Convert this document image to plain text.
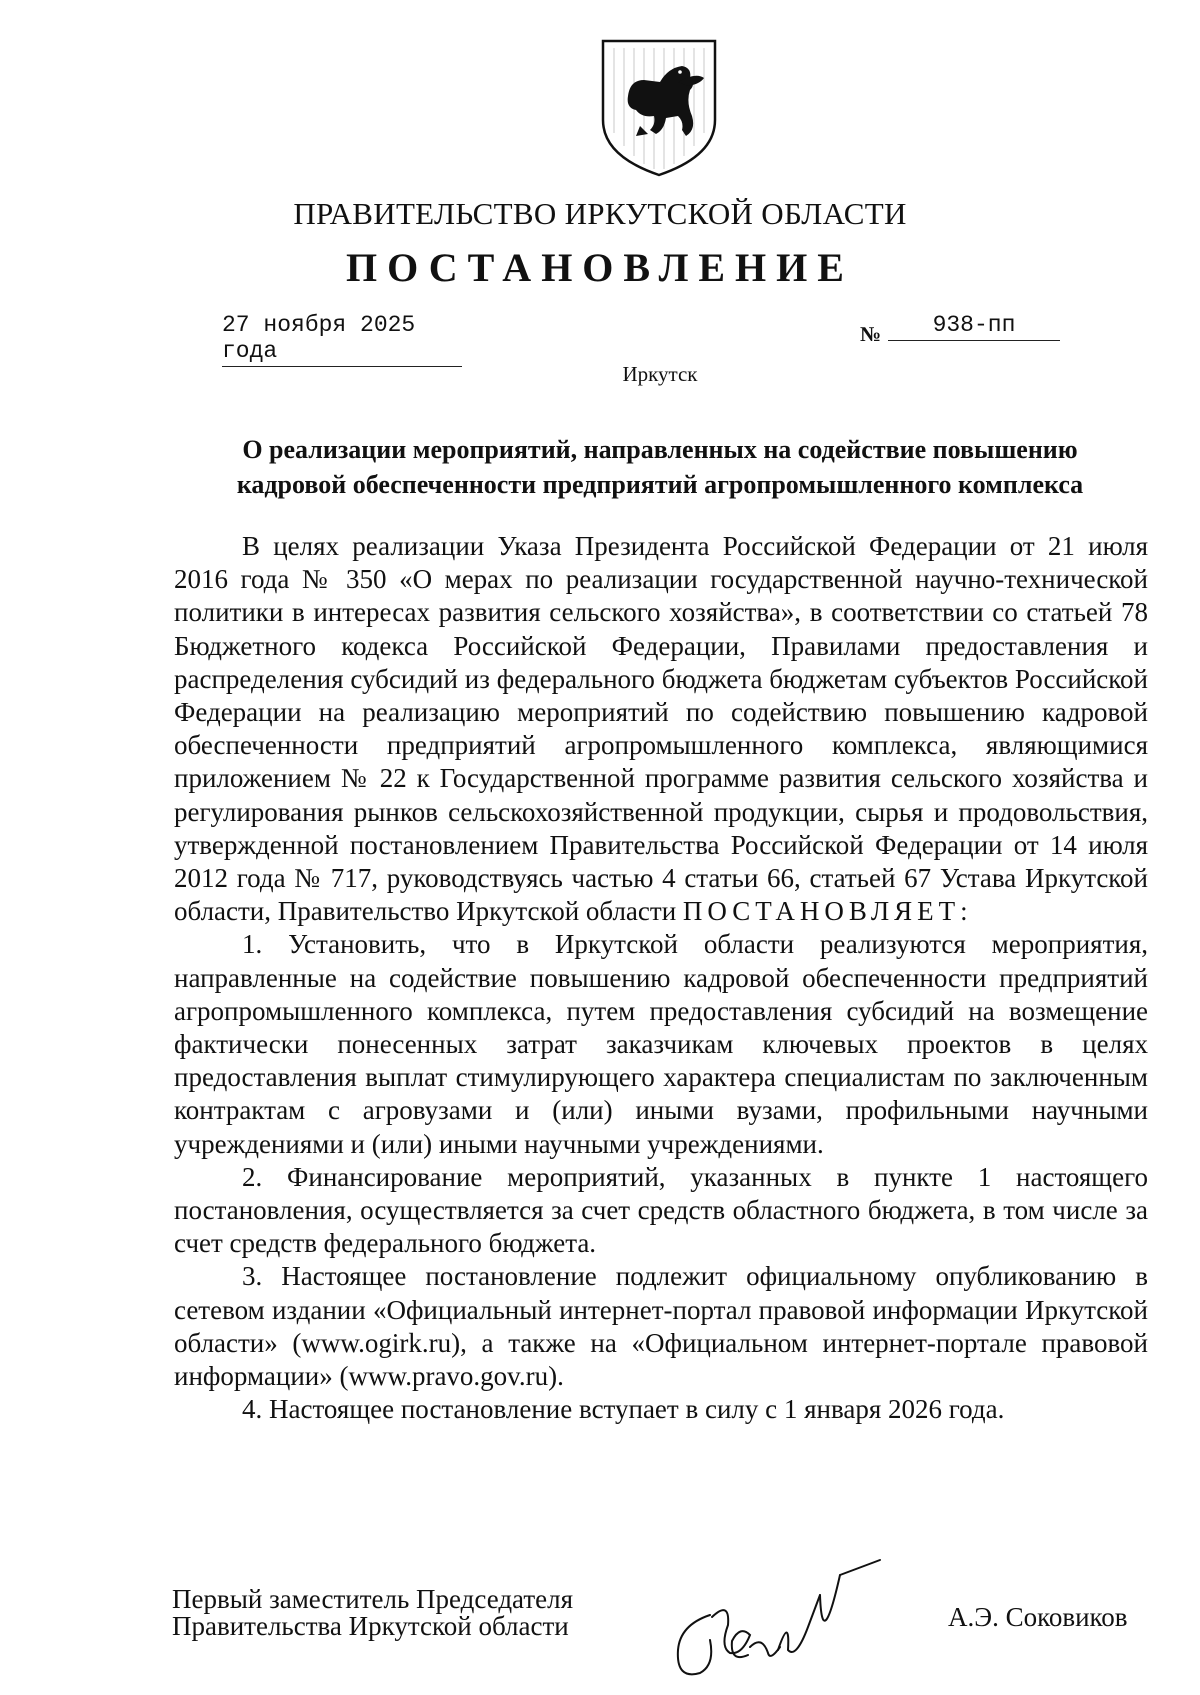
ПРАВИТЕЛЬСТВО ИРКУТСКОЙ ОБЛАСТИ
ПОСТАНОВЛЕНИЕ
27 ноября 2025 года
№	938-пп
Иркутск
О реализации мероприятий, направленных на содействие повышению
кадровой обеспеченности предприятий агропромышленного комплекса

В целях реализации Указа Президента Российской Федерации от 21 июля 2016 года № 350 «О мерах по реализации государственной научно-технической политики в интересах развития сельского хозяйства», в соответствии со статьей 78 Бюджетного кодекса Российской Федерации, Правилами предоставления и распределения субсидий из федерального бюджета бюджетам субъектов Российской Федерации на реализацию мероприятий по содействию повышению кадровой обеспеченности предприятий агропромышленного комплекса, являющимися приложением № 22 к Государственной программе развития сельского хозяйства и регулирования рынков сельскохозяйственной продукции, сырья и продовольствия, утвержденной постановлением Правительства Российской Федерации от 14 июля 2012 года № 717, руководствуясь частью 4 статьи 66, статьей 67 Устава Иркутской области, Правительство Иркутской области ПОСТАНОВЛЯЕТ:

1. Установить, что в Иркутской области реализуются мероприятия, направленные на содействие повышению кадровой обеспеченности предприятий агропромышленного комплекса, путем предоставления субсидий на возмещение фактически понесенных затрат заказчикам ключевых проектов в целях предоставления выплат стимулирующего характера специалистам по заключенным контрактам с агровузами и (или) иными вузами, профильными научными учреждениями и (или) иными научными учреждениями.

2. Финансирование мероприятий, указанных в пункте 1 настоящего постановления, осуществляется за счет средств областного бюджета, в том числе за счет средств федерального бюджета.

3. Настоящее постановление подлежит официальному опубликованию в сетевом издании «Официальный интернет-портал правовой информации Иркутской области» (www.ogirk.ru), а также на «Официальном интернет-портале правовой информации» (www.pravo.gov.ru).

4. Настоящее постановление вступает в силу с 1 января 2026 года.

Первый заместитель Председателя
Правительства Иркутской области	А.Э. Соковиков
